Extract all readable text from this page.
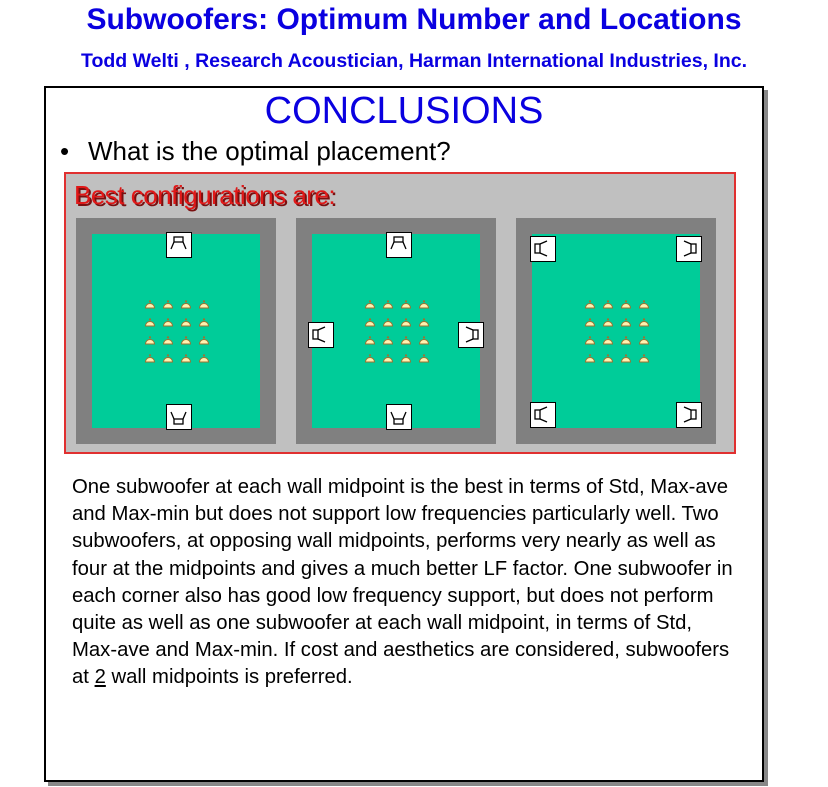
Subwoofers: Optimum Number and Locations
Todd Welti , Research Acoustician, Harman International Industries, Inc.
CONCLUSIONS
• What is the optimal placement?
Best configurations are:
One subwoofer at each wall midpoint is the best in terms of Std, Max-ave and Max-min but does not support low frequencies particularly well. Two subwoofers, at opposing wall midpoints, performs very nearly as well as four at the midpoints and gives a much better LF factor. One subwoofer in each corner also has good low frequency support, but does not perform quite as well as one subwoofer at each wall midpoint, in terms of Std, Max-ave and Max-min. If cost and aesthetics are considered, subwoofers at 2 wall midpoints is preferred.
